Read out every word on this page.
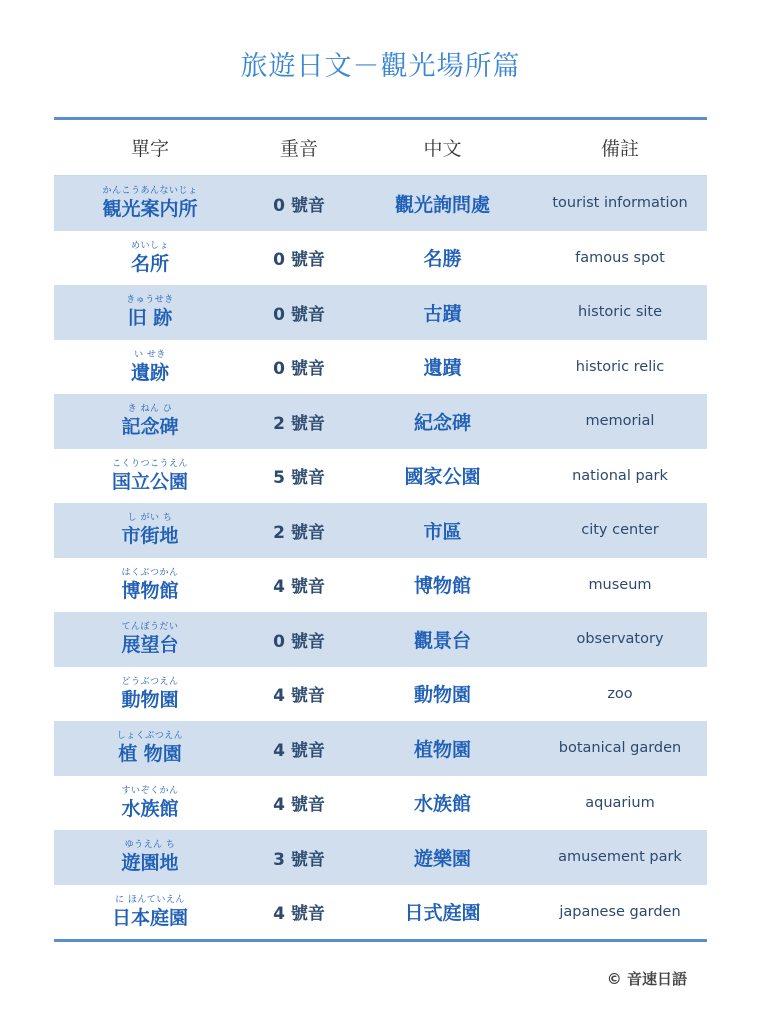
旅遊日文－觀光場所篇
單字	重音	中文	備註
かんこうあんないじょ
観光案内所	0 號音	觀光詢問處	tourist information
めいしょ
名所	0 號音	名勝	famous spot
きゅうせき
旧 跡	0 號音	古蹟	historic site
い せき
遺跡	0 號音	遺蹟	historic relic
き ねん ひ
記念碑	2 號音	紀念碑	memorial
こくりつこうえん
国立公園	5 號音	國家公園	national park
し がい ち
市街地	2 號音	市區	city center
はくぶつかん
博物館	4 號音	博物館	museum
てんぼうだい
展望台	0 號音	觀景台	observatory
どうぶつえん
動物園	4 號音	動物園	zoo
しょくぶつえん
植 物園	4 號音	植物園	botanical garden
すいぞくかん
水族館	4 號音	水族館	aquarium
ゆうえん ち
遊園地	3 號音	遊樂園	amusement park
に ほんていえん
日本庭園	4 號音	日式庭園	japanese garden
© 音速日語
